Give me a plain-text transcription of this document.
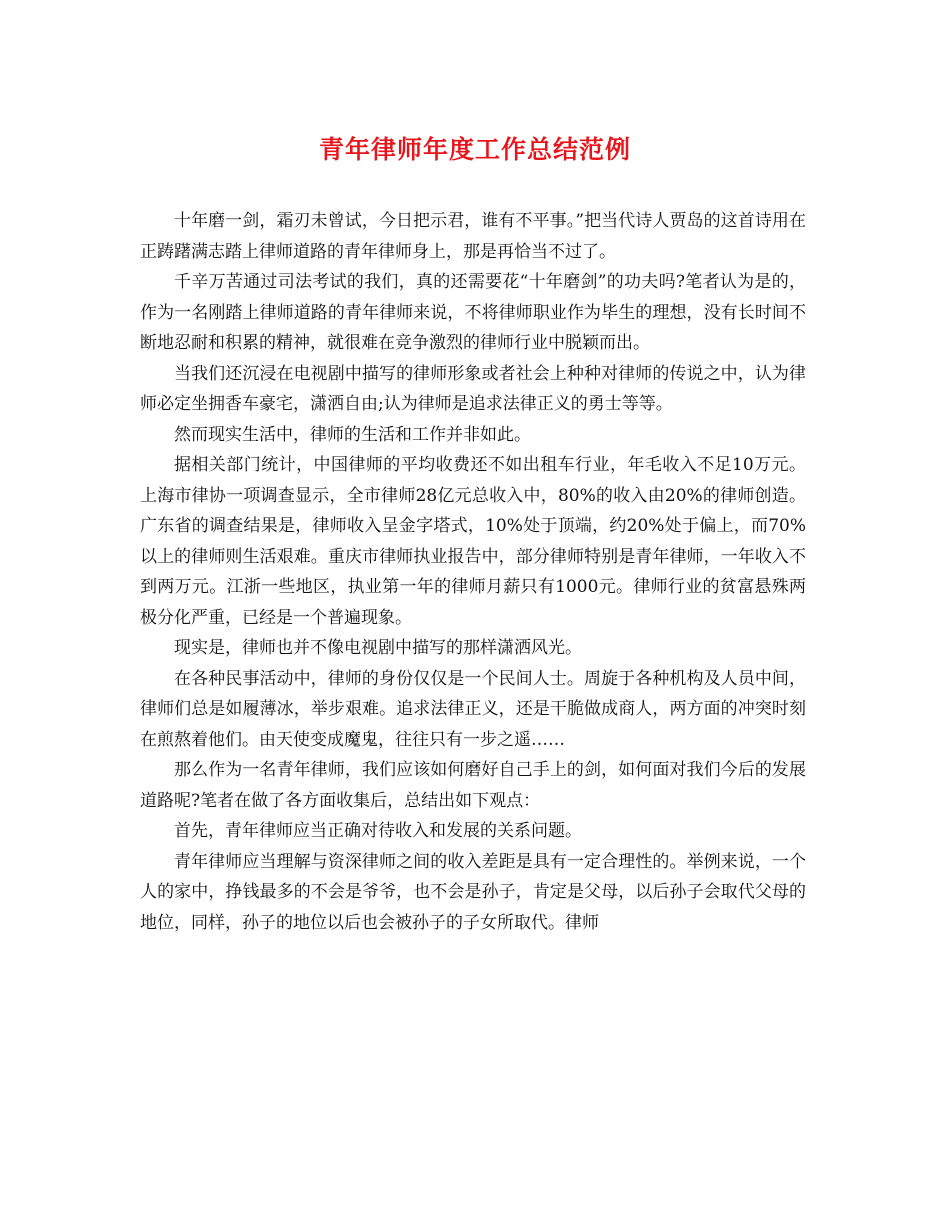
青年律师年度工作总结范例

十年磨一剑，霜刃未曾试，今日把示君，谁有不平事。”把当代诗人贾岛的这首诗用在正踌躇满志踏上律师道路的青年律师身上，那是再恰当不过了。

千辛万苦通过司法考试的我们，真的还需要花“十年磨剑”的功夫吗?笔者认为是的，作为一名刚踏上律师道路的青年律师来说，不将律师职业作为毕生的理想，没有长时间不断地忍耐和积累的精神，就很难在竞争激烈的律师行业中脱颖而出。

当我们还沉浸在电视剧中描写的律师形象或者社会上种种对律师的传说之中，认为律师必定坐拥香车豪宅，潇洒自由;认为律师是追求法律正义的勇士等等。

然而现实生活中，律师的生活和工作并非如此。

据相关部门统计，中国律师的平均收费还不如出租车行业，年毛收入不足10万元。上海市律协一项调查显示，全市律师28亿元总收入中，80%的收入由20%的律师创造。广东省的调查结果是，律师收入呈金字塔式，10%处于顶端，约20%处于偏上，而70%以上的律师则生活艰难。重庆市律师执业报告中，部分律师特别是青年律师，一年收入不到两万元。江浙一些地区，执业第一年的律师月薪只有1000元。律师行业的贫富悬殊两极分化严重，已经是一个普遍现象。

现实是，律师也并不像电视剧中描写的那样潇洒风光。

在各种民事活动中，律师的身份仅仅是一个民间人士。周旋于各种机构及人员中间，律师们总是如履薄冰，举步艰难。追求法律正义，还是干脆做成商人，两方面的冲突时刻在煎熬着他们。由天使变成魔鬼，往往只有一步之遥……

那么作为一名青年律师，我们应该如何磨好自己手上的剑，如何面对我们今后的发展道路呢?笔者在做了各方面收集后，总结出如下观点：

首先，青年律师应当正确对待收入和发展的关系问题。

青年律师应当理解与资深律师之间的收入差距是具有一定合理性的。举例来说，一个人的家中，挣钱最多的不会是爷爷，也不会是孙子，肯定是父母，以后孙子会取代父母的地位，同样，孙子的地位以后也会被孙子的子女所取代。律师
